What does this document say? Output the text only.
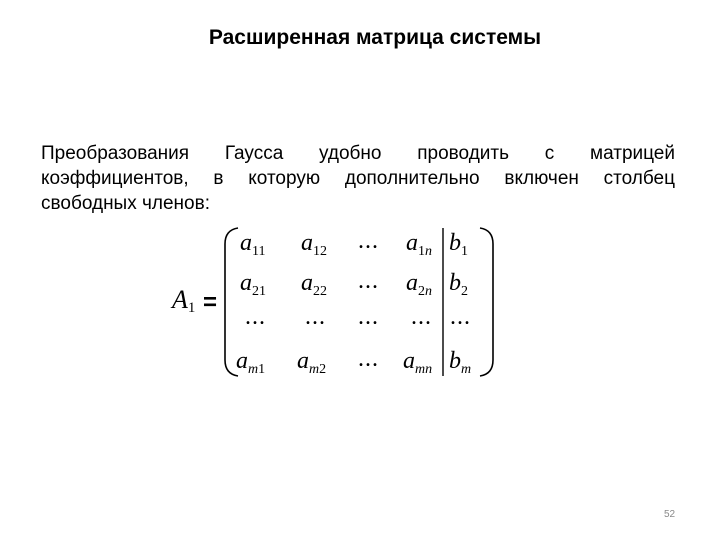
Расширенная матрица системы
Преобразования Гаусса удобно проводить с матрицей коэффициентов, в которую дополнительно включен столбец свободных членов:
$A_1$ =
$a_{11}$ $a_{12}$ ... $a_{1n}$ $b_1$
$a_{21}$ $a_{22}$ ... $a_{2n}$ $b_2$
... ... ... ... ...
$a_{m1}$ $a_{m2}$ ... $a_{mn}$ $b_m$
52
